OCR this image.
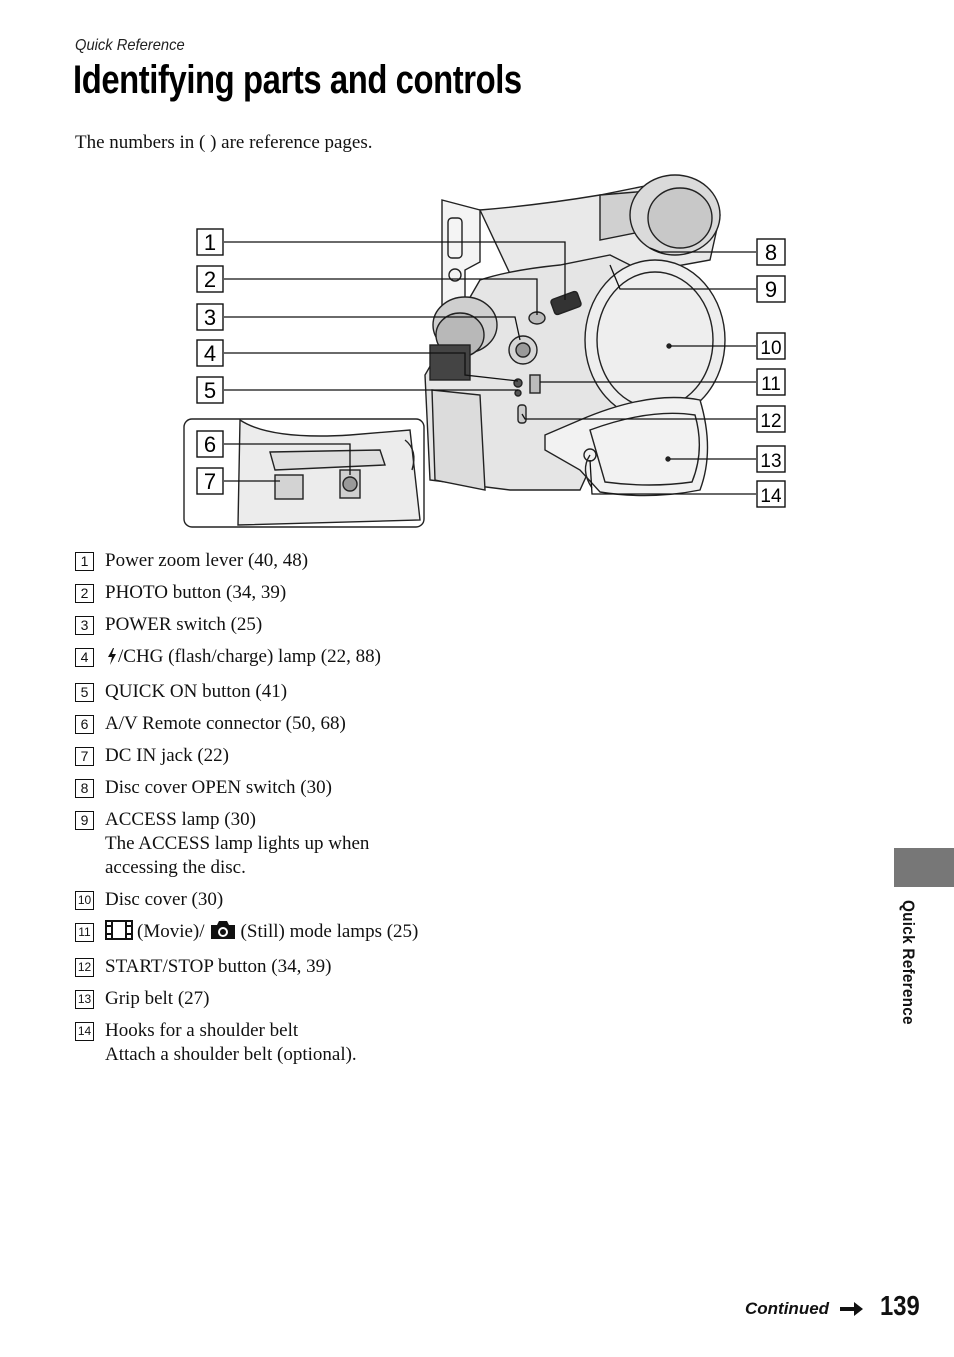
Quick Reference
Identifying parts and controls
The numbers in ( ) are reference pages.
1
2
3
4
5
6
7
8
9
10
11
12
13
14
1 Power zoom lever (40, 48)
2 PHOTO button (34, 39)
3 POWER switch (25)
4 /CHG (flash/charge) lamp (22, 88)
5 QUICK ON button (41)
6 A/V Remote connector (50, 68)
7 DC IN jack (22)
8 Disc cover OPEN switch (30)
9 ACCESS lamp (30)
The ACCESS lamp lights up when accessing the disc.
10 Disc cover (30)
11 (Movie)/ (Still) mode lamps (25)
12 START/STOP button (34, 39)
13 Grip belt (27)
14 Hooks for a shoulder belt
Attach a shoulder belt (optional).
Quick Reference
Continued 139
